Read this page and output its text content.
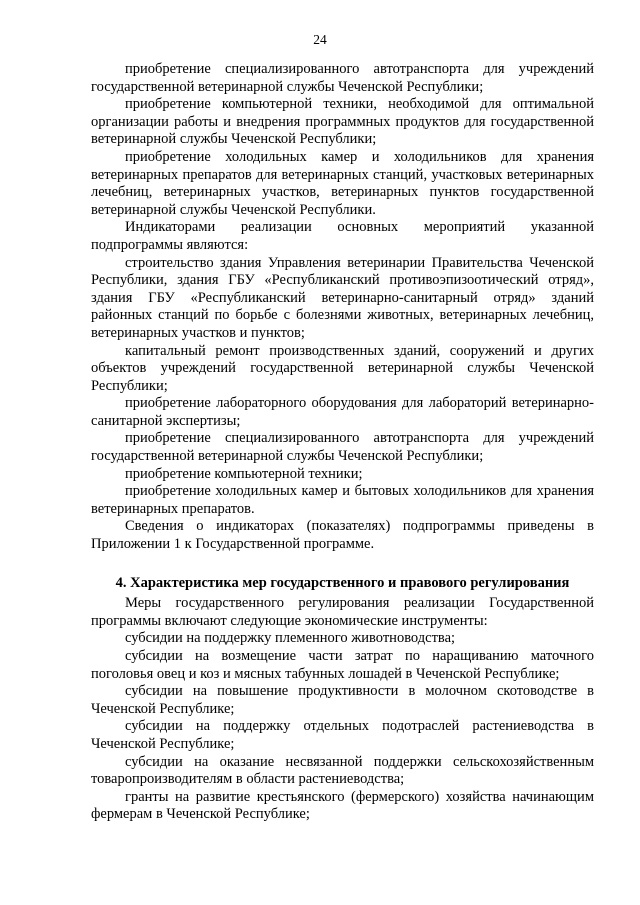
24

приобретение специализированного автотранспорта для учреждений государственной ветеринарной службы Чеченской Республики;

приобретение компьютерной техники, необходимой для оптимальной организации работы и внедрения программных продуктов для государственной ветеринарной службы Чеченской Республики;

приобретение холодильных камер и холодильников для хранения ветеринарных препаратов для ветеринарных станций, участковых ветеринарных лечебниц, ветеринарных участков, ветеринарных пунктов государственной ветеринарной службы Чеченской Республики.

Индикаторами реализации основных мероприятий указанной подпрограммы являются:

строительство здания Управления ветеринарии Правительства Чеченской Республики, здания ГБУ «Республиканский противоэпизоотический отряд», здания ГБУ «Республиканский ветеринарно-санитарный отряд» зданий районных станций по борьбе с болезнями животных, ветеринарных лечебниц, ветеринарных участков и пунктов;

капитальный ремонт производственных зданий, сооружений и других объектов учреждений государственной ветеринарной службы Чеченской Республики;

приобретение лабораторного оборудования для лабораторий ветеринарно-санитарной экспертизы;

приобретение специализированного автотранспорта для учреждений государственной ветеринарной службы Чеченской Республики;

приобретение компьютерной техники;

приобретение холодильных камер и бытовых холодильников для хранения ветеринарных препаратов.

Сведения о индикаторах (показателях) подпрограммы приведены в Приложении 1 к Государственной программе.

4. Характеристика мер государственного и правового регулирования

Меры государственного регулирования реализации Государственной программы включают следующие экономические инструменты:

субсидии на поддержку племенного животноводства;

субсидии на возмещение части затрат по наращиванию маточного поголовья овец и коз и мясных табунных лошадей в Чеченской Республике;

субсидии на повышение продуктивности в молочном скотоводстве в Чеченской Республике;

субсидии на поддержку отдельных подотраслей растениеводства в Чеченской Республике;

субсидии на оказание несвязанной поддержки сельскохозяйственным товаропроизводителям в области растениеводства;

гранты на развитие крестьянского (фермерского) хозяйства начинающим фермерам в Чеченской Республике;
